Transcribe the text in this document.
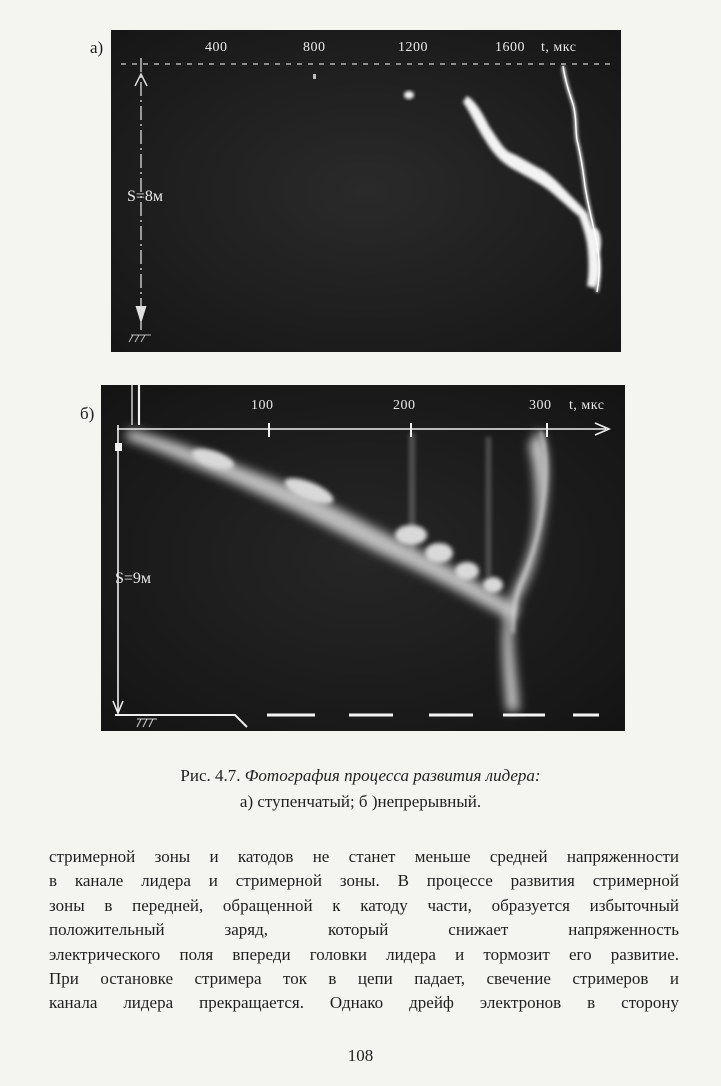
а)	400	800	1200	1600 t, мкс
S=8м
б)	100	200	300 t, мкс
S=9м
Рис. 4.7. Фотография процесса развития лидера:
а) ступенчатый; б )непрерывный.
стримерной зоны и катодов не станет меньше средней напряженности
в канале лидера и стримерной зоны. В процессе развития стримерной
зоны в передней, обращенной к катоду части, образуется избыточный
положительный заряд, который снижает напряженность
электрического поля впереди головки лидера и тормозит его развитие.
При остановке стримера ток в цепи падает, свечение стримеров и
канала лидера прекращается. Однако дрейф электронов в сторону
108
